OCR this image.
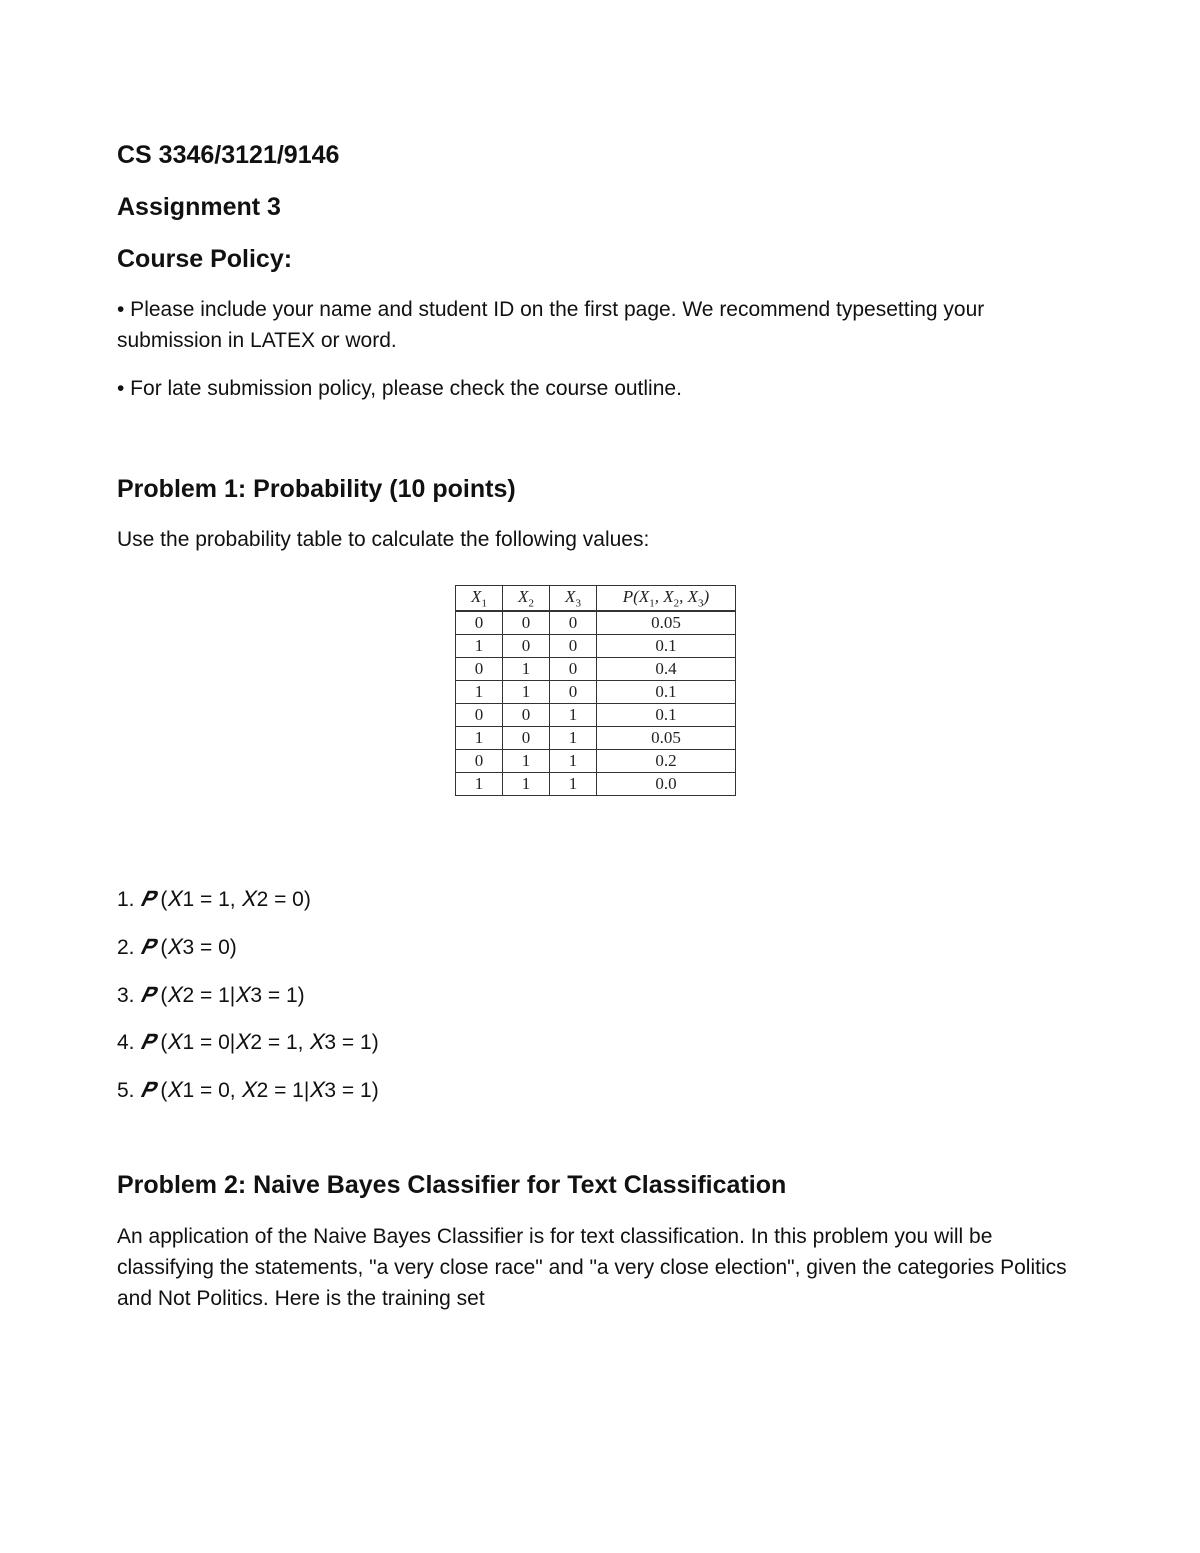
CS 3346/3121/9146

Assignment 3

Course Policy:

• Please include your name and student ID on the first page. We recommend typesetting your submission in LATEX or word.

• For late submission policy, please check the course outline.

Problem 1: Probability (10 points)

Use the probability table to calculate the following values:

$X_1$	$X_2$	$X_3$	$P(X_1$, $X_2$, $X_3$)
0	0	0	0.05
1	0	0	0.1
0	1	0	0.4
1	1	0	0.1
0	0	1	0.1
1	0	1	0.05
0	1	1	0.2
1	1	1	0.0

1. 𝑷 (𝑋1 = 1, 𝑋2 = 0)

2. 𝑷 (𝑋3 = 0)

3. 𝑷 (𝑋2 = 1|𝑋3 = 1)

4. 𝑷 (𝑋1 = 0|𝑋2 = 1, 𝑋3 = 1)

5. 𝑷 (𝑋1 = 0, 𝑋2 = 1|𝑋3 = 1)

Problem 2: Naive Bayes Classifier for Text Classification

An application of the Naive Bayes Classifier is for text classification. In this problem you will be classifying the statements, "a very close race" and "a very close election", given the categories Politics and Not Politics. Here is the training set
